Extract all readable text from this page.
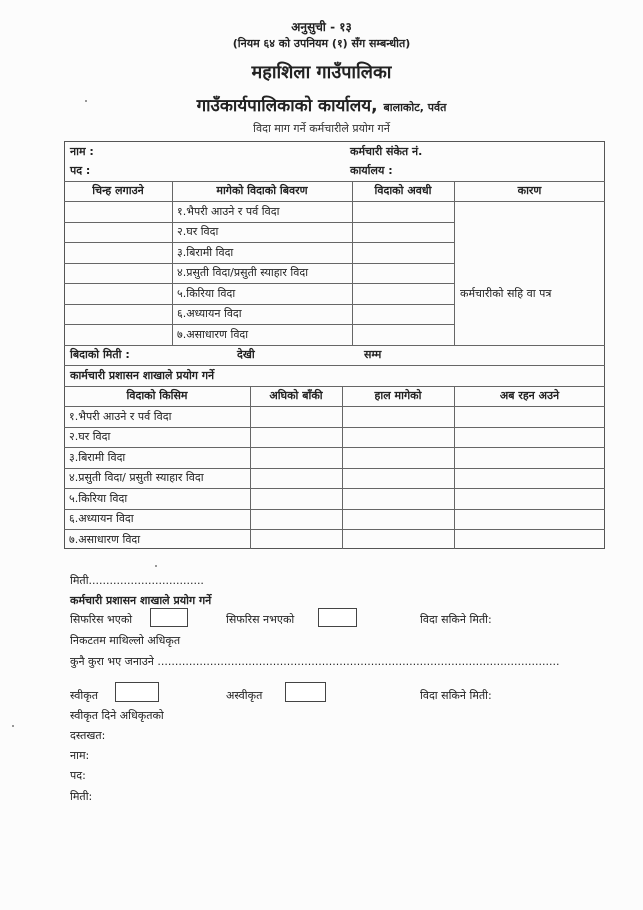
अनुसुची - १३
(नियम ६४ को उपनियम (१) सँग सम्बन्धीत)
महाशिला गाउँपालिका
गाउँकार्यपालिकाको कार्यालय, बालाकोट, पर्वत
विदा माग गर्ने कर्मचारीले प्रयोग गर्ने
नाम :	कर्मचारी संकेत नं.
पद :	कार्यालय :
चिन्ह लगाउने	मागेको विदाको बिवरण	विदाको अवधी	कारण
१.भैपरी आउने र पर्व विदा
२.घर विदा
३.बिरामी विदा
४.प्रसुती विदा/प्रसुती स्याहार विदा
५.किरिया विदा
६.अध्यायन विदा
७.असाधारण विदा
कर्मचारीको सहि वा पत्र
बिदाको मिती :	देखी	सम्म
कार्मचारी प्रशासन शाखाले प्रयोग गर्ने
विदाको किसिम	अघिको बाँकी	हाल मागेको	अब रहन अउने
१.भैपरी आउने र पर्व विदा
२.घर विदा
३.बिरामी विदा
४.प्रसुती विदा/ प्रसुती स्याहार विदा
५.किरिया विदा
६.अध्यायन विदा
७.असाधारण विदा
मिती.................................
कर्मचारी प्रशासन शाखाले प्रयोग गर्ने
सिफरिस भएको	सिफरिस नभएको	विदा सकिने मिती:
निकटतम माथिल्लो अधिकृत
कुनै कुरा भए जनाउने ...................................................................................................................
स्वीकृत	अस्वीकृत	विदा सकिने मिती:
स्वीकृत दिने अधिकृतको
दस्तखत:
नाम:
पद:
मिती:
